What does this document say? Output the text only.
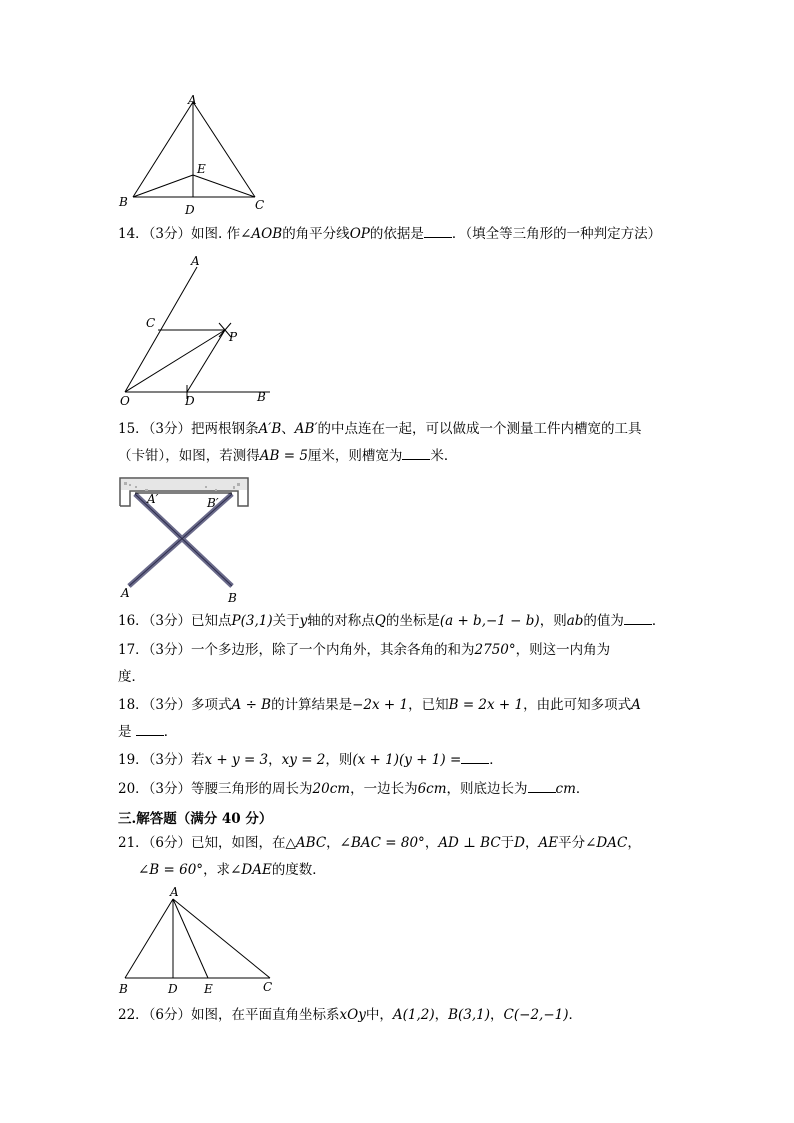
A
B	C
D
E
14．（3分）如图. 作∠AOB的角平分线OP的依据是 ．（填全等三角形的一种判定方法）
A
C
P
O	D	B
15．（3分）把两根钢条A′B、AB′的中点连在一起，可以做成一个测量工件内槽宽的工具
（卡钳），如图，若测得AB = 5厘米，则槽宽为 米．
A′	B′
A	B
16．（3分）已知点P(3,1)关于y轴的对称点Q的坐标是(a + b,−1 − b)，则ab的值为 ．
17．（3分）一个多边形，除了一个内角外，其余各角的和为2750°，则这一内角为
度．
18．（3分）多项式A ÷ B的计算结果是−2x + 1，已知B = 2x + 1，由此可知多项式A
是 ．
19．（3分）若x + y = 3，xy = 2，则(x + 1)(y + 1) = ．
20．（3分）等腰三角形的周长为20cm，一边长为6cm，则底边长为 cm．
三.解答题（满分 40 分）
21．（6分）已知，如图，在△ABC，∠BAC = 80°，AD ⊥ BC于D，AE平分∠DAC，
∠B = 60°，求∠DAE的度数．
A
B	D E	C
22．（6分）如图，在平面直角坐标系xOy中，A(1,2)，B(3,1)，C(−2,−1)．
